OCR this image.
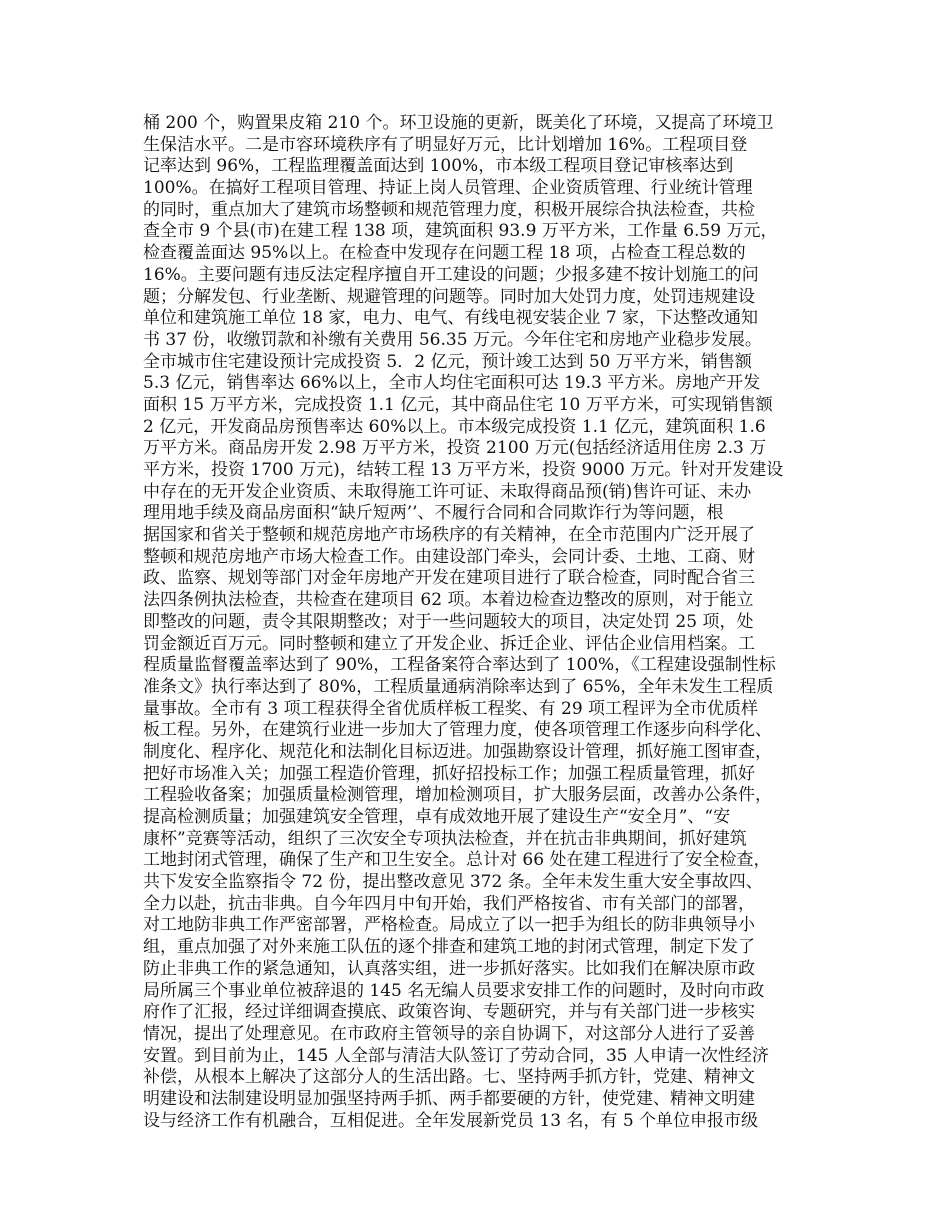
桶 200 个，购置果皮箱 210 个。环卫设施的更新，既美化了环境，又提高了环境卫
生保洁水平。二是市容环境秩序有了明显好万元，比计划增加 16%。工程项目登
记率达到 96%，工程监理覆盖面达到 100%，市本级工程项目登记审核率达到
100%。在搞好工程项目管理、持证上岗人员管理、企业资质管理、行业统计管理
的同时，重点加大了建筑市场整顿和规范管理力度，积极开展综合执法检查，共检
查全市 9 个县(市)在建工程 138 项，建筑面积 93.9 万平方米，工作量 6.59 万元，
检查覆盖面达 95%以上。在检查中发现存在问题工程 18 项，占检查工程总数的
16%。主要问题有违反法定程序擅自开工建设的问题；少报多建不按计划施工的问
题；分解发包、行业垄断、规避管理的问题等。同时加大处罚力度，处罚违规建设
单位和建筑施工单位 18 家，电力、电气、有线电视安装企业 7 家，下达整改通知
书 37 份，收缴罚款和补缴有关费用 56.35 万元。今年住宅和房地产业稳步发展。
全市城市住宅建设预计完成投资 5．2 亿元，预计竣工达到 50 万平方米，销售额
5.3 亿元，销售率达 66%以上，全市人均住宅面积可达 19.3 平方米。房地产开发
面积 15 万平方米，完成投资 1.1 亿元，其中商品住宅 10 万平方米，可实现销售额
2 亿元，开发商品房预售率达 60%以上。市本级完成投资 1.1 亿元，建筑面积 1.6
万平方米。商品房开发 2.98 万平方米，投资 2100 万元(包括经济适用住房 2.3 万
平方米，投资 1700 万元)，结转工程 13 万平方米，投资 9000 万元。针对开发建设
中存在的无开发企业资质、未取得施工许可证、未取得商品预(销)售许可证、未办
理用地手续及商品房面积“缺斤短两’’、不履行合同和合同欺诈行为等问题，根
据国家和省关于整顿和规范房地产市场秩序的有关精神，在全市范围内广泛开展了
整顿和规范房地产市场大检查工作。由建设部门牵头，会同计委、土地、工商、财
政、监察、规划等部门对金年房地产开发在建项目进行了联合检查，同时配合省三
法四条例执法检查，共检查在建项目 62 项。本着边检查边整改的原则，对于能立
即整改的问题，责令其限期整改；对于一些问题较大的项目，决定处罚 25 项，处
罚金额近百万元。同时整顿和建立了开发企业、拆迁企业、评估企业信用档案。工
程质量监督覆盖率达到了 90%，工程备案符合率达到了 100%，《工程建设强制性标
准条文》执行率达到了 80%，工程质量通病消除率达到了 65%，全年未发生工程质
量事故。全市有 3 项工程获得全省优质样板工程奖、有 29 项工程评为全市优质样
板工程。另外，在建筑行业进一步加大了管理力度，使各项管理工作逐步向科学化、
制度化、程序化、规范化和法制化目标迈进。加强勘察设计管理，抓好施工图审查，
把好市场准入关；加强工程造价管理，抓好招投标工作；加强工程质量管理，抓好
工程验收备案；加强质量检测管理，增加检测项目，扩大服务层面，改善办公条件，
提高检测质量；加强建筑安全管理，卓有成效地开展了建设生产“安全月”、“安
康杯”竞赛等活动，组织了三次安全专项执法检查，并在抗击非典期间，抓好建筑
工地封闭式管理，确保了生产和卫生安全。总计对 66 处在建工程进行了安全检查，
共下发安全监察指令 72 份，提出整改意见 372 条。全年未发生重大安全事故四、
全力以赴，抗击非典。自今年四月中旬开始，我们严格按省、市有关部门的部署，
对工地防非典工作严密部署，严格检查。局成立了以一把手为组长的防非典领导小
组，重点加强了对外来施工队伍的逐个排查和建筑工地的封闭式管理，制定下发了
防止非典工作的紧急通知，认真落实组，进一步抓好落实。比如我们在解决原市政
局所属三个事业单位被辞退的 145 名无编人员要求安排工作的问题时，及时向市政
府作了汇报，经过详细调查摸底、政策咨询、专题研究，并与有关部门进一步核实
情况，提出了处理意见。在市政府主管领导的亲自协调下，对这部分人进行了妥善
安置。到目前为止，145 人全部与清洁大队签订了劳动合同，35 人申请一次性经济
补偿，从根本上解决了这部分人的生活出路。七、坚持两手抓方针，党建、精神文
明建设和法制建设明显加强坚持两手抓、两手都要硬的方针，使党建、精神文明建
设与经济工作有机融合，互相促进。全年发展新党员 13 名，有 5 个单位申报市级
